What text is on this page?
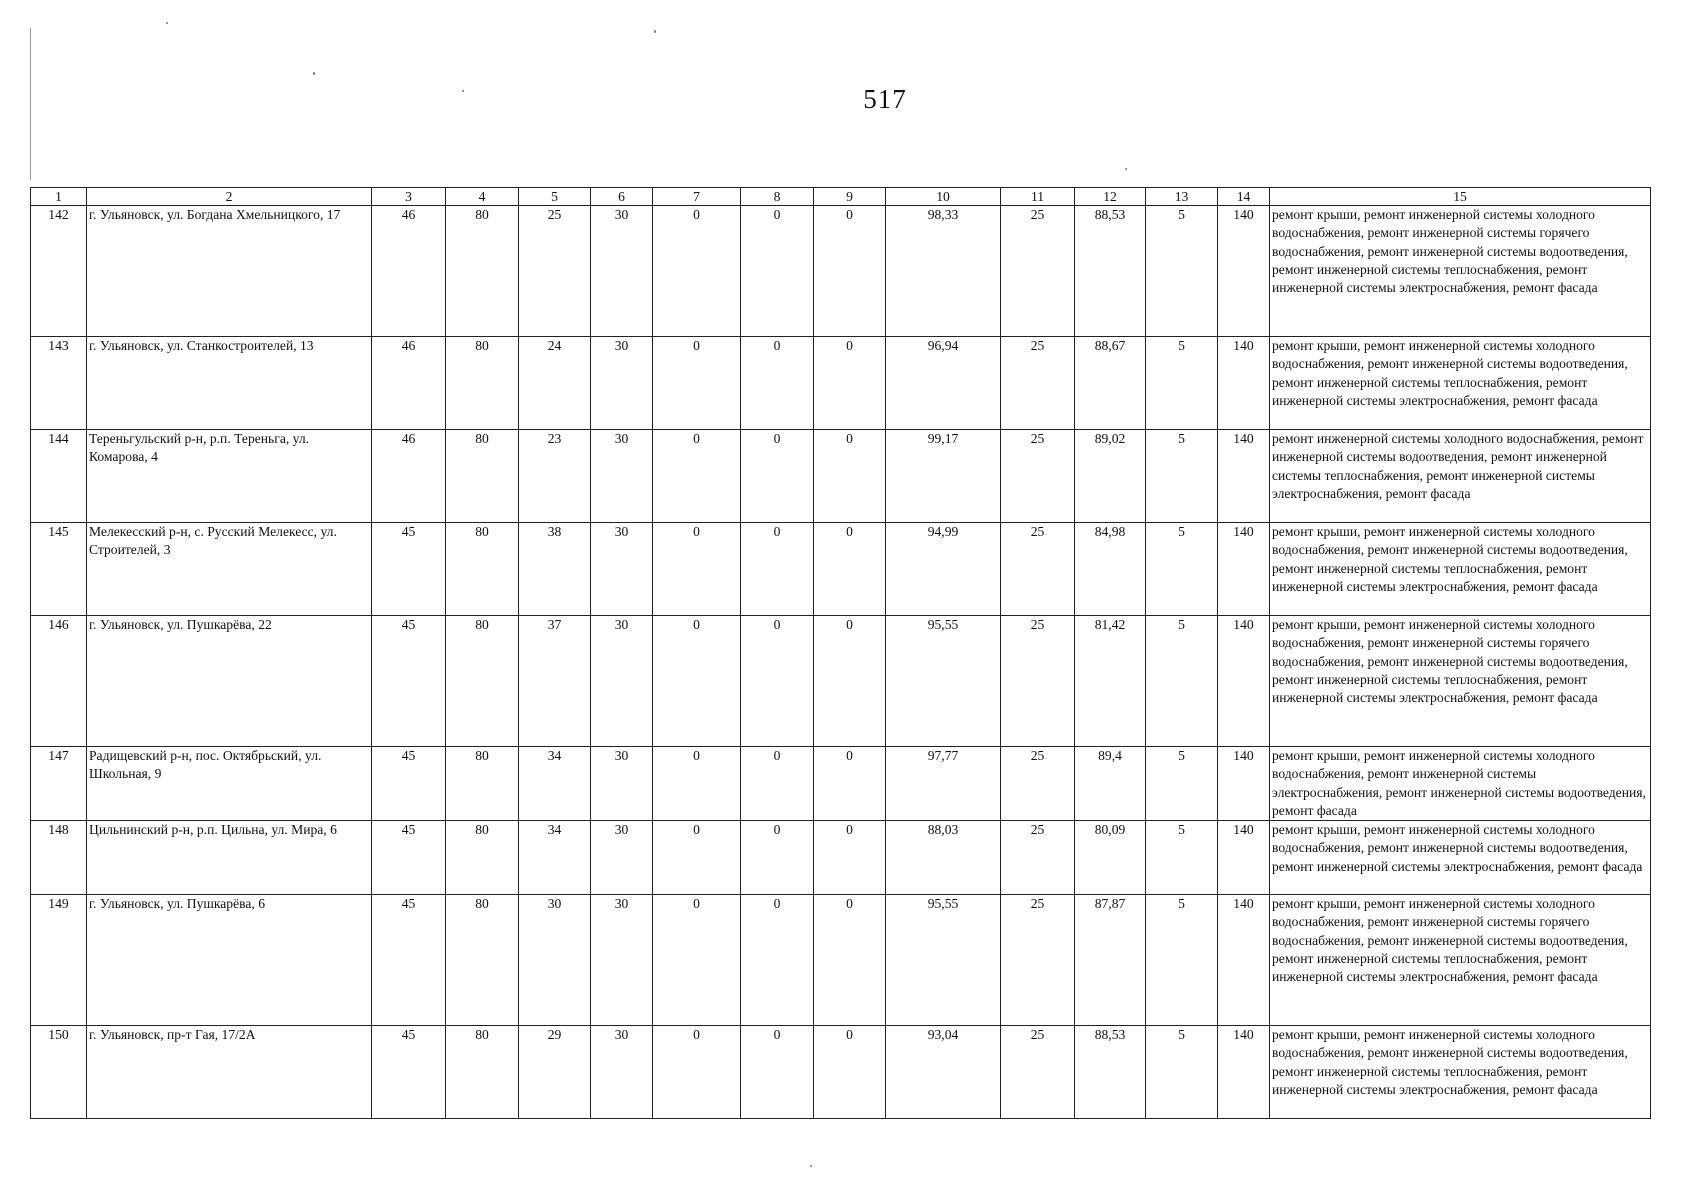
517
1	2	3	4	5	6	7	8	9	10	11	12	13	14	15
142	г. Ульяновск, ул. Богдана Хмельницкого, 17	46	80	25	30	0	0	0	98,33	25	88,53	5	140	ремонт крыши, ремонт инженерной системы холодного водоснабжения, ремонт инженерной системы горячего водоснабжения, ремонт инженерной системы водоотведения, ремонт инженерной системы теплоснабжения, ремонт инженерной системы электроснабжения, ремонт фасада
143	г. Ульяновск, ул. Станкостроителей, 13	46	80	24	30	0	0	0	96,94	25	88,67	5	140	ремонт крыши, ремонт инженерной системы холодного водоснабжения, ремонт инженерной системы водоотведения, ремонт инженерной системы теплоснабжения, ремонт инженерной системы электроснабжения, ремонт фасада
144	Тереньгульский р-н, р.п. Тереньга, ул. Комарова, 4	46	80	23	30	0	0	0	99,17	25	89,02	5	140	ремонт инженерной системы холодного водоснабжения, ремонт инженерной системы водоотведения, ремонт инженерной системы теплоснабжения, ремонт инженерной системы электроснабжения, ремонт фасада
145	Мелекесский р-н, с. Русский Мелекесс, ул. Строителей, 3	45	80	38	30	0	0	0	94,99	25	84,98	5	140	ремонт крыши, ремонт инженерной системы холодного водоснабжения, ремонт инженерной системы водоотведения, ремонт инженерной системы теплоснабжения, ремонт инженерной системы электроснабжения, ремонт фасада
146	г. Ульяновск, ул. Пушкарёва, 22	45	80	37	30	0	0	0	95,55	25	81,42	5	140	ремонт крыши, ремонт инженерной системы холодного водоснабжения, ремонт инженерной системы горячего водоснабжения, ремонт инженерной системы водоотведения, ремонт инженерной системы теплоснабжения, ремонт инженерной системы электроснабжения, ремонт фасада
147	Радищевский р-н, пос. Октябрьский, ул. Школьная, 9	45	80	34	30	0	0	0	97,77	25	89,4	5	140	ремонт крыши, ремонт инженерной системы холодного водоснабжения, ремонт инженерной системы электроснабжения, ремонт инженерной системы водоотведения, ремонт фасада
148	Цильнинский р-н, р.п. Цильна, ул. Мира, 6	45	80	34	30	0	0	0	88,03	25	80,09	5	140	ремонт крыши, ремонт инженерной системы холодного водоснабжения, ремонт инженерной системы водоотведения, ремонт инженерной системы электроснабжения, ремонт фасада
149	г. Ульяновск, ул. Пушкарёва, 6	45	80	30	30	0	0	0	95,55	25	87,87	5	140	ремонт крыши, ремонт инженерной системы холодного водоснабжения, ремонт инженерной системы горячего водоснабжения, ремонт инженерной системы водоотведения, ремонт инженерной системы теплоснабжения, ремонт инженерной системы электроснабжения, ремонт фасада
150	г. Ульяновск, пр-т Гая, 17/2А	45	80	29	30	0	0	0	93,04	25	88,53	5	140	ремонт крыши, ремонт инженерной системы холодного водоснабжения, ремонт инженерной системы водоотведения, ремонт инженерной системы теплоснабжения, ремонт инженерной системы электроснабжения, ремонт фасада
